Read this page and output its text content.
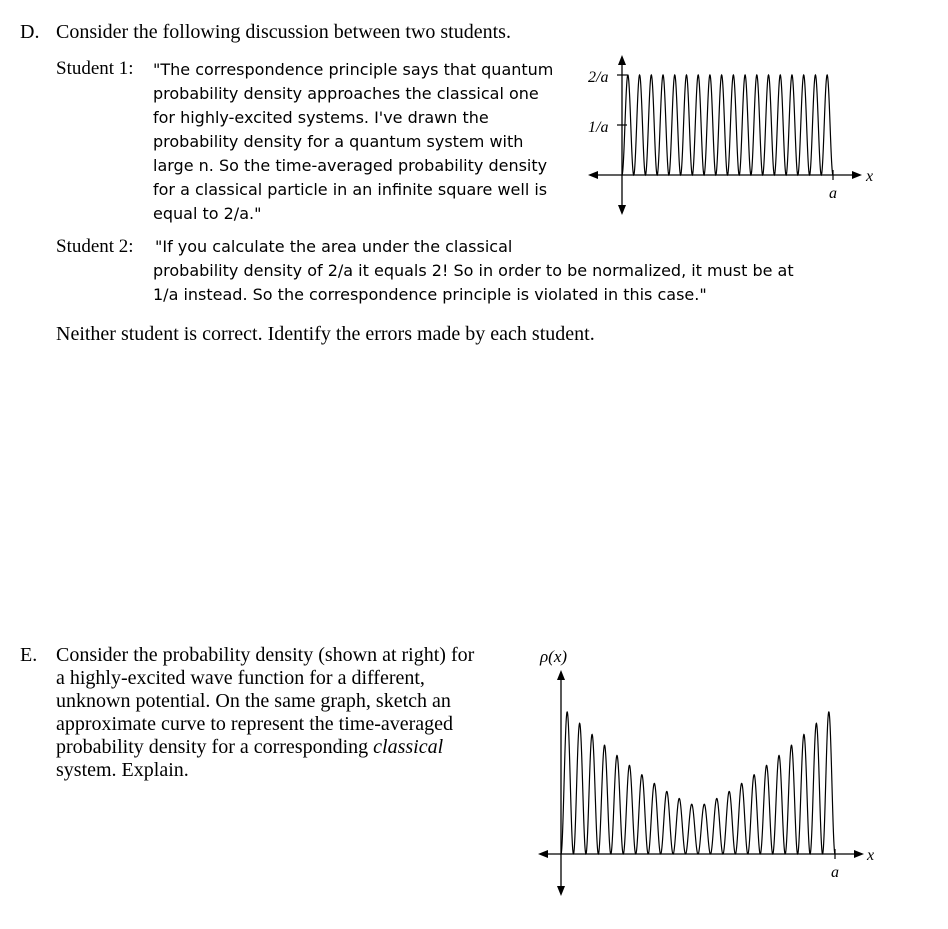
D. Consider the following discussion between two students.
Student 1: "The correspondence principle says that quantum
probability density approaches the classical one
for highly-excited systems. I've drawn the
probability density for a quantum system with
large n. So the time-averaged probability density
for a classical particle in an infinite square well is
equal to 2/a."
Student 2: "If you calculate the area under the classical
probability density of 2/a it equals 2! So in order to be normalized, it must be at
1/a instead. So the correspondence principle is violated in this case."
Neither student is correct. Identify the errors made by each student.
2/a
1/a
a
x
E. Consider the probability density (shown at right) for
a highly-excited wave function for a different,
unknown potential. On the same graph, sketch an
approximate curve to represent the time-averaged
probability density for a corresponding classical
system. Explain.
ρ(x)
a
x
